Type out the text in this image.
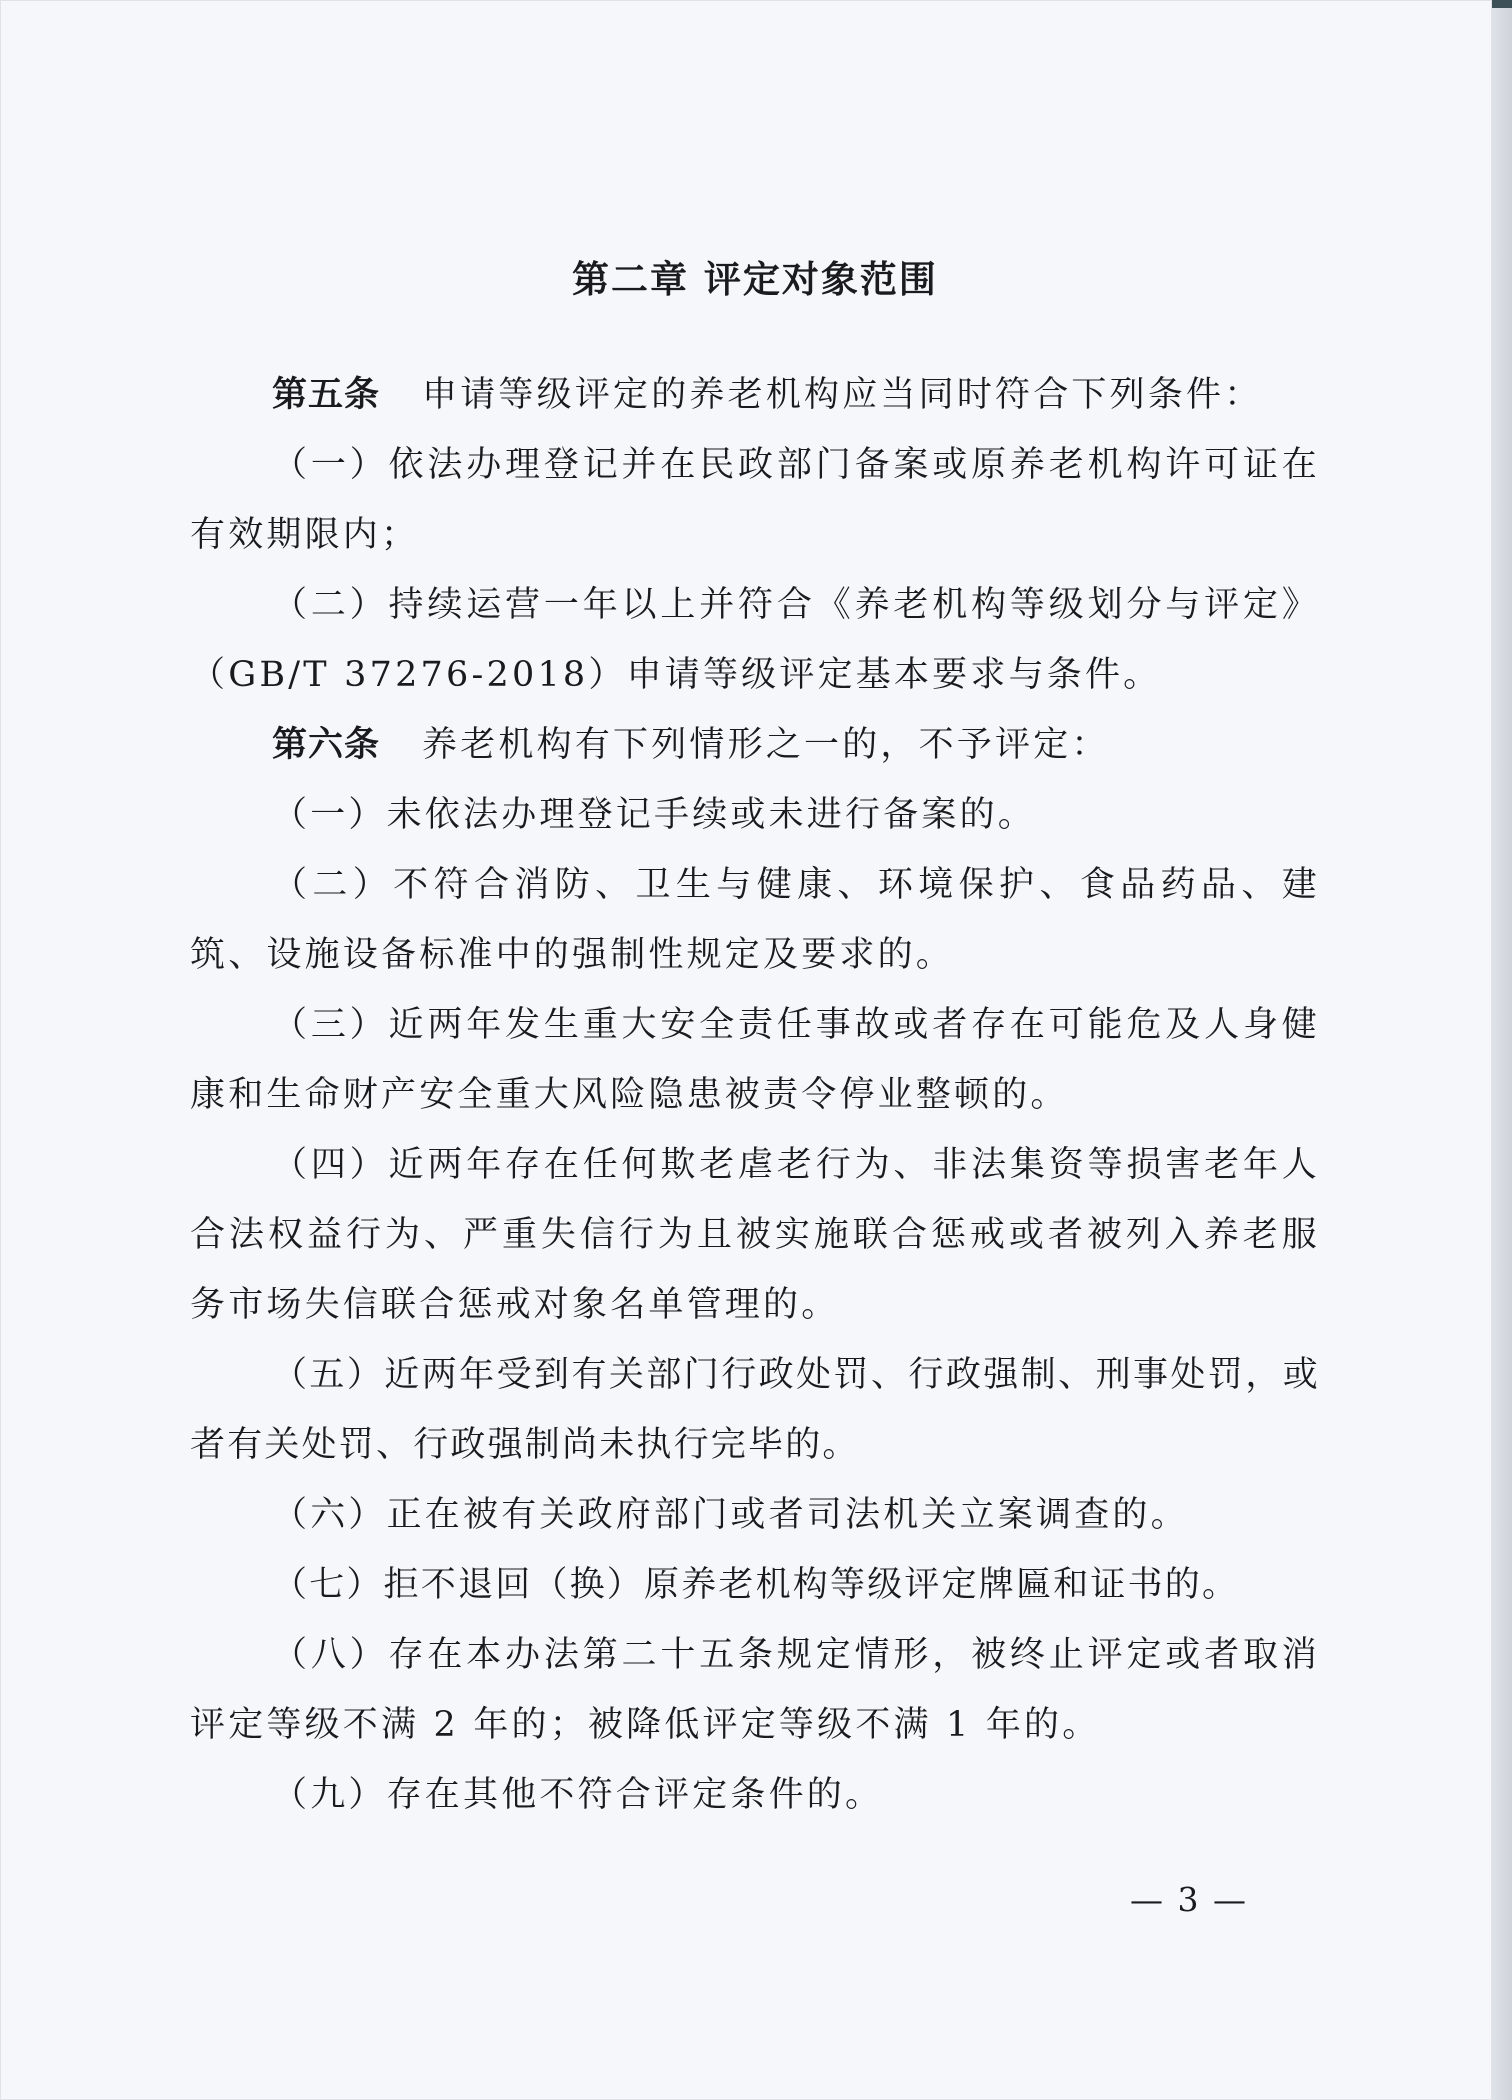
第二章 评定对象范围

第五条 申请等级评定的养老机构应当同时符合下列条件：

（一）依法办理登记并在民政部门备案或原养老机构许可证在有效期限内；

（二）持续运营一年以上并符合《养老机构等级划分与评定》（GB/T 37276-2018）申请等级评定基本要求与条件。

第六条 养老机构有下列情形之一的，不予评定：

（一）未依法办理登记手续或未进行备案的。

（二）不符合消防、卫生与健康、环境保护、食品药品、建筑、设施设备标准中的强制性规定及要求的。

（三）近两年发生重大安全责任事故或者存在可能危及人身健康和生命财产安全重大风险隐患被责令停业整顿的。

（四）近两年存在任何欺老虐老行为、非法集资等损害老年人合法权益行为、严重失信行为且被实施联合惩戒或者被列入养老服务市场失信联合惩戒对象名单管理的。

（五）近两年受到有关部门行政处罚、行政强制、刑事处罚，或者有关处罚、行政强制尚未执行完毕的。

（六）正在被有关政府部门或者司法机关立案调查的。

（七）拒不退回（换）原养老机构等级评定牌匾和证书的。

（八）存在本办法第二十五条规定情形，被终止评定或者取消评定等级不满 2 年的；被降低评定等级不满 1 年的。

（九）存在其他不符合评定条件的。

— 3 —
